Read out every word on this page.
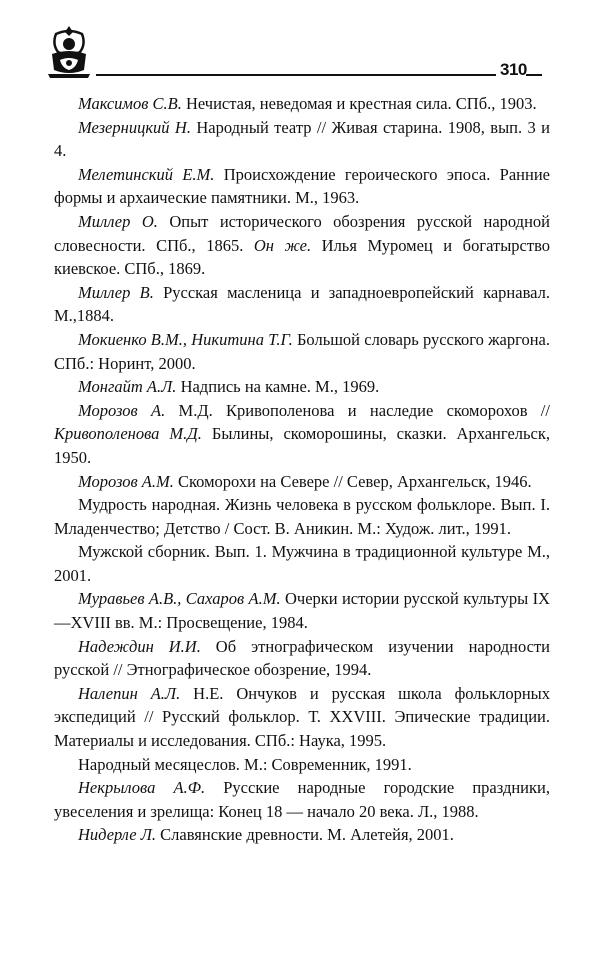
310

Максимов С.В. Нечистая, неведомая и крестная сила. СПб., 1903.

Мезерницкий Н. Народный театр // Живая старина. 1908, вып. 3 и 4.

Мелетинский Е.М. Происхождение героического эпоса. Ранние формы и архаические памятники. М., 1963.

Миллер О. Опыт исторического обозрения русской народной словесности. СПб., 1865. Он же. Илья Муромец и богатырство киевское. СПб., 1869.

Миллер В. Русская масленица и западноевропейский карнавал. М.,1884.

Мокиенко В.М., Никитина Т.Г. Большой словарь русского жаргона. СПб.: Норинт, 2000.

Монгайт А.Л. Надпись на камне. М., 1969.

Морозов А. М.Д. Кривополенова и наследие скоморохов // Кривополенова М.Д. Былины, скоморошины, сказки. Архангельск, 1950.

Морозов А.М. Скоморохи на Севере // Север, Архангельск, 1946.

Мудрость народная. Жизнь человека в русском фольклоре. Вып. I. Младенчество; Детство / Сост. В. Аникин. М.: Худож. лит., 1991.

Мужской сборник. Вып. 1. Мужчина в традиционной культуре М., 2001.

Муравьев А.В., Сахаров А.М. Очерки истории русской культуры IX—XVIII вв. М.: Просвещение, 1984.

Надеждин И.И. Об этнографическом изучении народности русской // Этнографическое обозрение, 1994.

Налепин А.Л. Н.Е. Ончуков и русская школа фольклорных экспедиций // Русский фольклор. Т. XXVIII. Эпические традиции. Материалы и исследования. СПб.: Наука, 1995.

Народный месяцеслов. М.: Современник, 1991.

Некрылова А.Ф. Русские народные городские праздники, увеселения и зрелища: Конец 18 — начало 20 века. Л., 1988.

Нидерле Л. Славянские древности. М. Алетейя, 2001.
